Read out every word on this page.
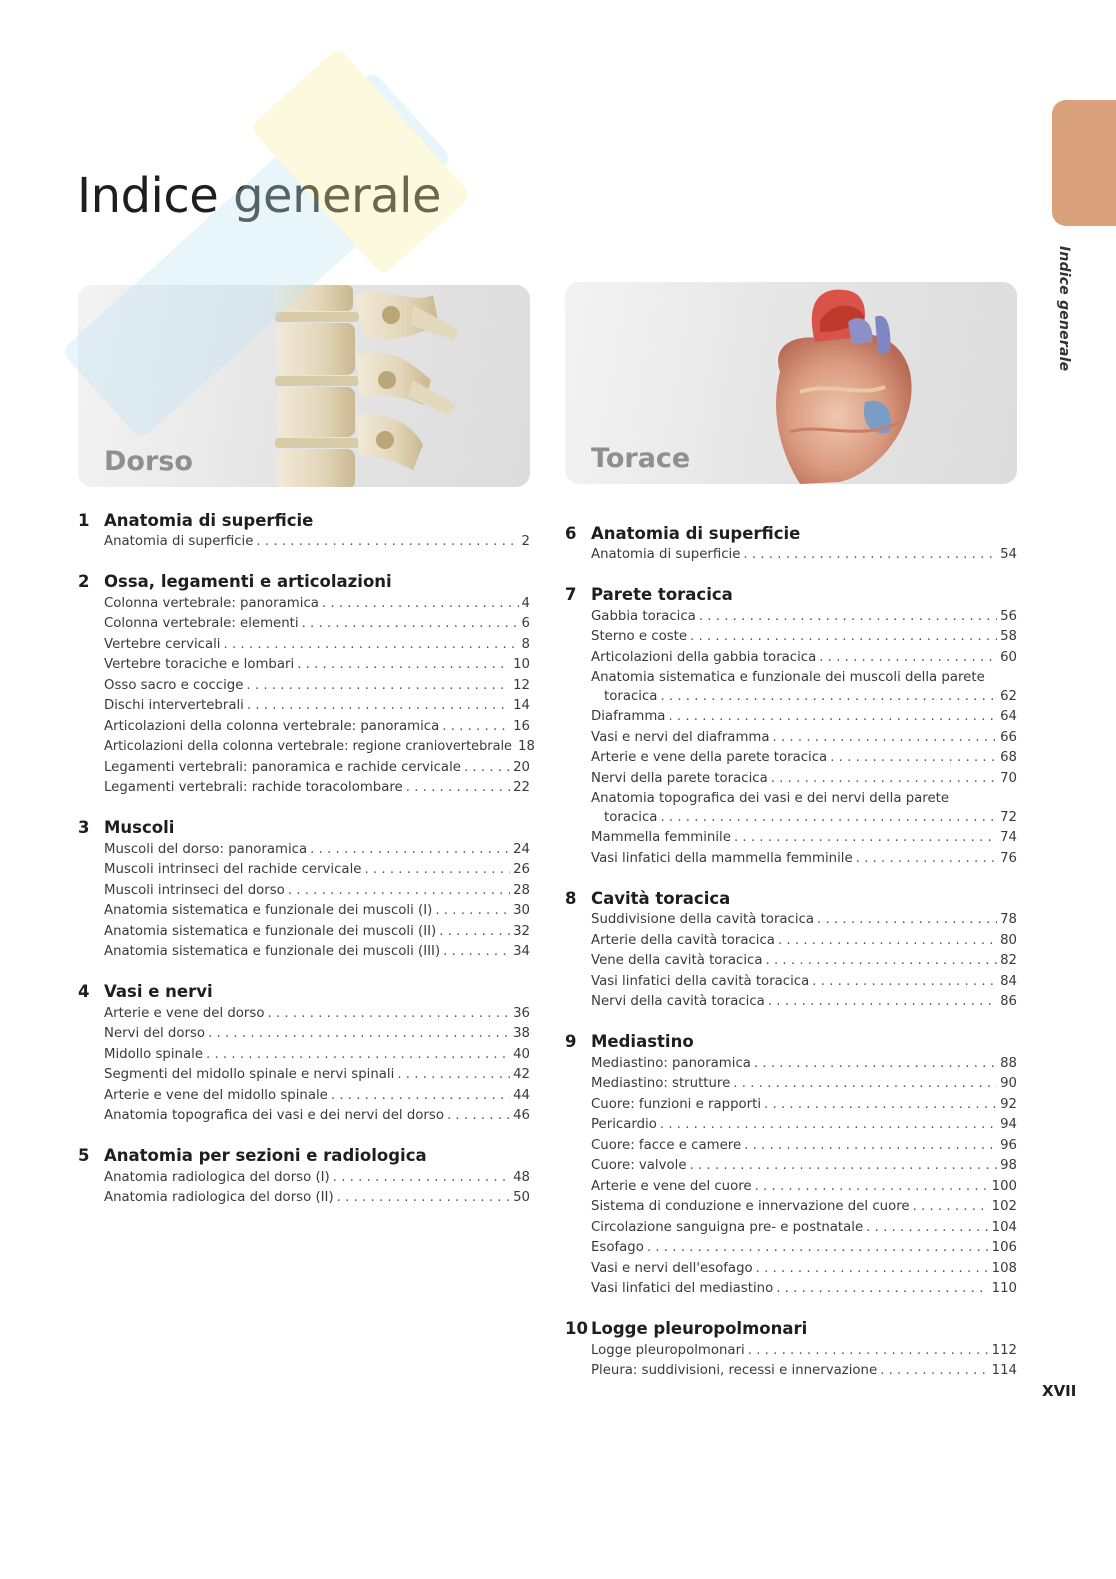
Indice generale
Indice generale
Dorso	Torace
1 Anatomia di superficie
Anatomia di superficie . . .	2
2 Ossa, legamenti e articolazioni
Colonna vertebrale: panoramica . . .	4
Colonna vertebrale: elementi . . .	6
Vertebre cervicali . . .	8
Vertebre toraciche e lombari . . .	10
Osso sacro e coccige . . .	12
Dischi intervertebrali . . .	14
Articolazioni della colonna vertebrale: panoramica . . .	16
Articolazioni della colonna vertebrale: regione craniovertebrale 18
Legamenti vertebrali: panoramica e rachide cervicale . . .	20
Legamenti vertebrali: rachide toracolombare . . .	22
3 Muscoli
Muscoli del dorso: panoramica . . .	24
Muscoli intrinseci del rachide cervicale . . .	26
Muscoli intrinseci del dorso . . .	28
Anatomia sistematica e funzionale dei muscoli (I) . . .	30
Anatomia sistematica e funzionale dei muscoli (II) . . .	32
Anatomia sistematica e funzionale dei muscoli (III) . . .	34
4 Vasi e nervi
Arterie e vene del dorso . . .	36
Nervi del dorso . . .	38
Midollo spinale . . .	40
Segmenti del midollo spinale e nervi spinali . . .	42
Arterie e vene del midollo spinale . . .	44
Anatomia topografica dei vasi e dei nervi del dorso . . .	46
5 Anatomia per sezioni e radiologica
Anatomia radiologica del dorso (I) . . .	48
Anatomia radiologica del dorso (II) . . .	50
6 Anatomia di superficie
Anatomia di superficie . . .	54
7 Parete toracica
Gabbia toracica . . .	56
Sterno e coste . . .	58
Articolazioni della gabbia toracica . . .	60
Anatomia sistematica e funzionale dei muscoli della parete
toracica . . .	62
Diaframma . . .	64
Vasi e nervi del diaframma . . .	66
Arterie e vene della parete toracica . . .	68
Nervi della parete toracica . . .	70
Anatomia topografica dei vasi e dei nervi della parete
toracica . . .	72
Mammella femminile . . .	74
Vasi linfatici della mammella femminile . . .	76
8 Cavità toracica
Suddivisione della cavità toracica . . .	78
Arterie della cavità toracica . . .	80
Vene della cavità toracica . . .	82
Vasi linfatici della cavità toracica . . .	84
Nervi della cavità toracica . . .	86
9 Mediastino
Mediastino: panoramica . . .	88
Mediastino: strutture . . .	90
Cuore: funzioni e rapporti . . .	92
Pericardio . . .	94
Cuore: facce e camere . . .	96
Cuore: valvole . . .	98
Arterie e vene del cuore . . .	100
Sistema di conduzione e innervazione del cuore . . .	102
Circolazione sanguigna pre- e postnatale . . .	104
Esofago . . .	106
Vasi e nervi dell'esofago . . .	108
Vasi linfatici del mediastino . . .	110
10 Logge pleuropolmonari
Logge pleuropolmonari . . .	112
Pleura: suddivisioni, recessi e innervazione . . .	114
XVII
